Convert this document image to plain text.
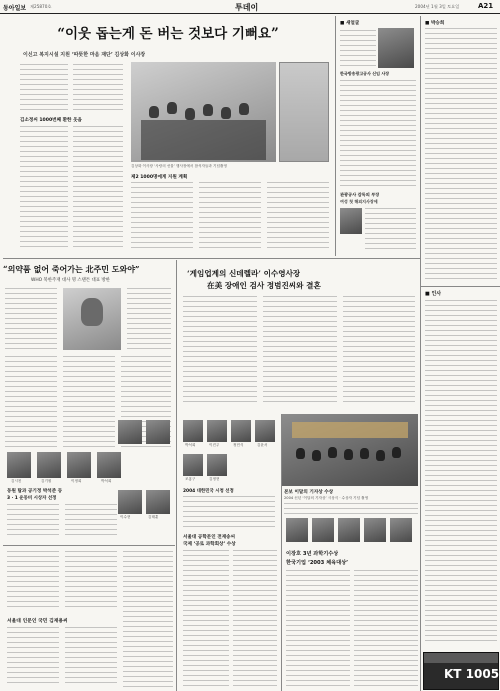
동아일보 제25870호	투데이	2004년 1월 3일 토요일	A21
“이웃 돕는게 돈 버는 것보다 기뻐요”
이신고 복지시설 지원 ‘따뜻한 마음 재단’ 김상화 이사장
김소정씨 1000번째 환한 웃음
김상화 이사장 ‘사랑의 선물’ 행사장에서 참석자들과 기념촬영
제2 1000명에게 지원 계획
■ 새얼굴
한국방송광고공사 신임 사장
관광공사 감독의 부장
여성 첫 해외지사장에
■ 박승희
“의약품 없어 죽어가는 北주민 도와야”
WHO 북한주재 대사 명 스탠튼 대표 방한
‘게임업계의 신데렐라’ 이수영사장
在美 장애인 검사 정범진씨와 결혼
김시찬	김기원	이정희	박석희
동원 탑과 공기정 박석준 등
3 · 1 운동비 시상자 선정
이수현	김태훈
박석희	이진주	정민식	김윤서
조홍구	김정현
2004 대한민국 시청 선정	본보 이달의 기자상 수상
2004 신년 ‘이달의 기자상’ 시상식 · 수상자 기념 촬영
서울대 인문인 국민 김재용씨
서울대 공학문인 전재송씨
국제 ‘공로 과학회상’ 수상
이장호 3년 과학기수상
한국기업 ‘2003 체육대상’
■ 인사
KT 1005
